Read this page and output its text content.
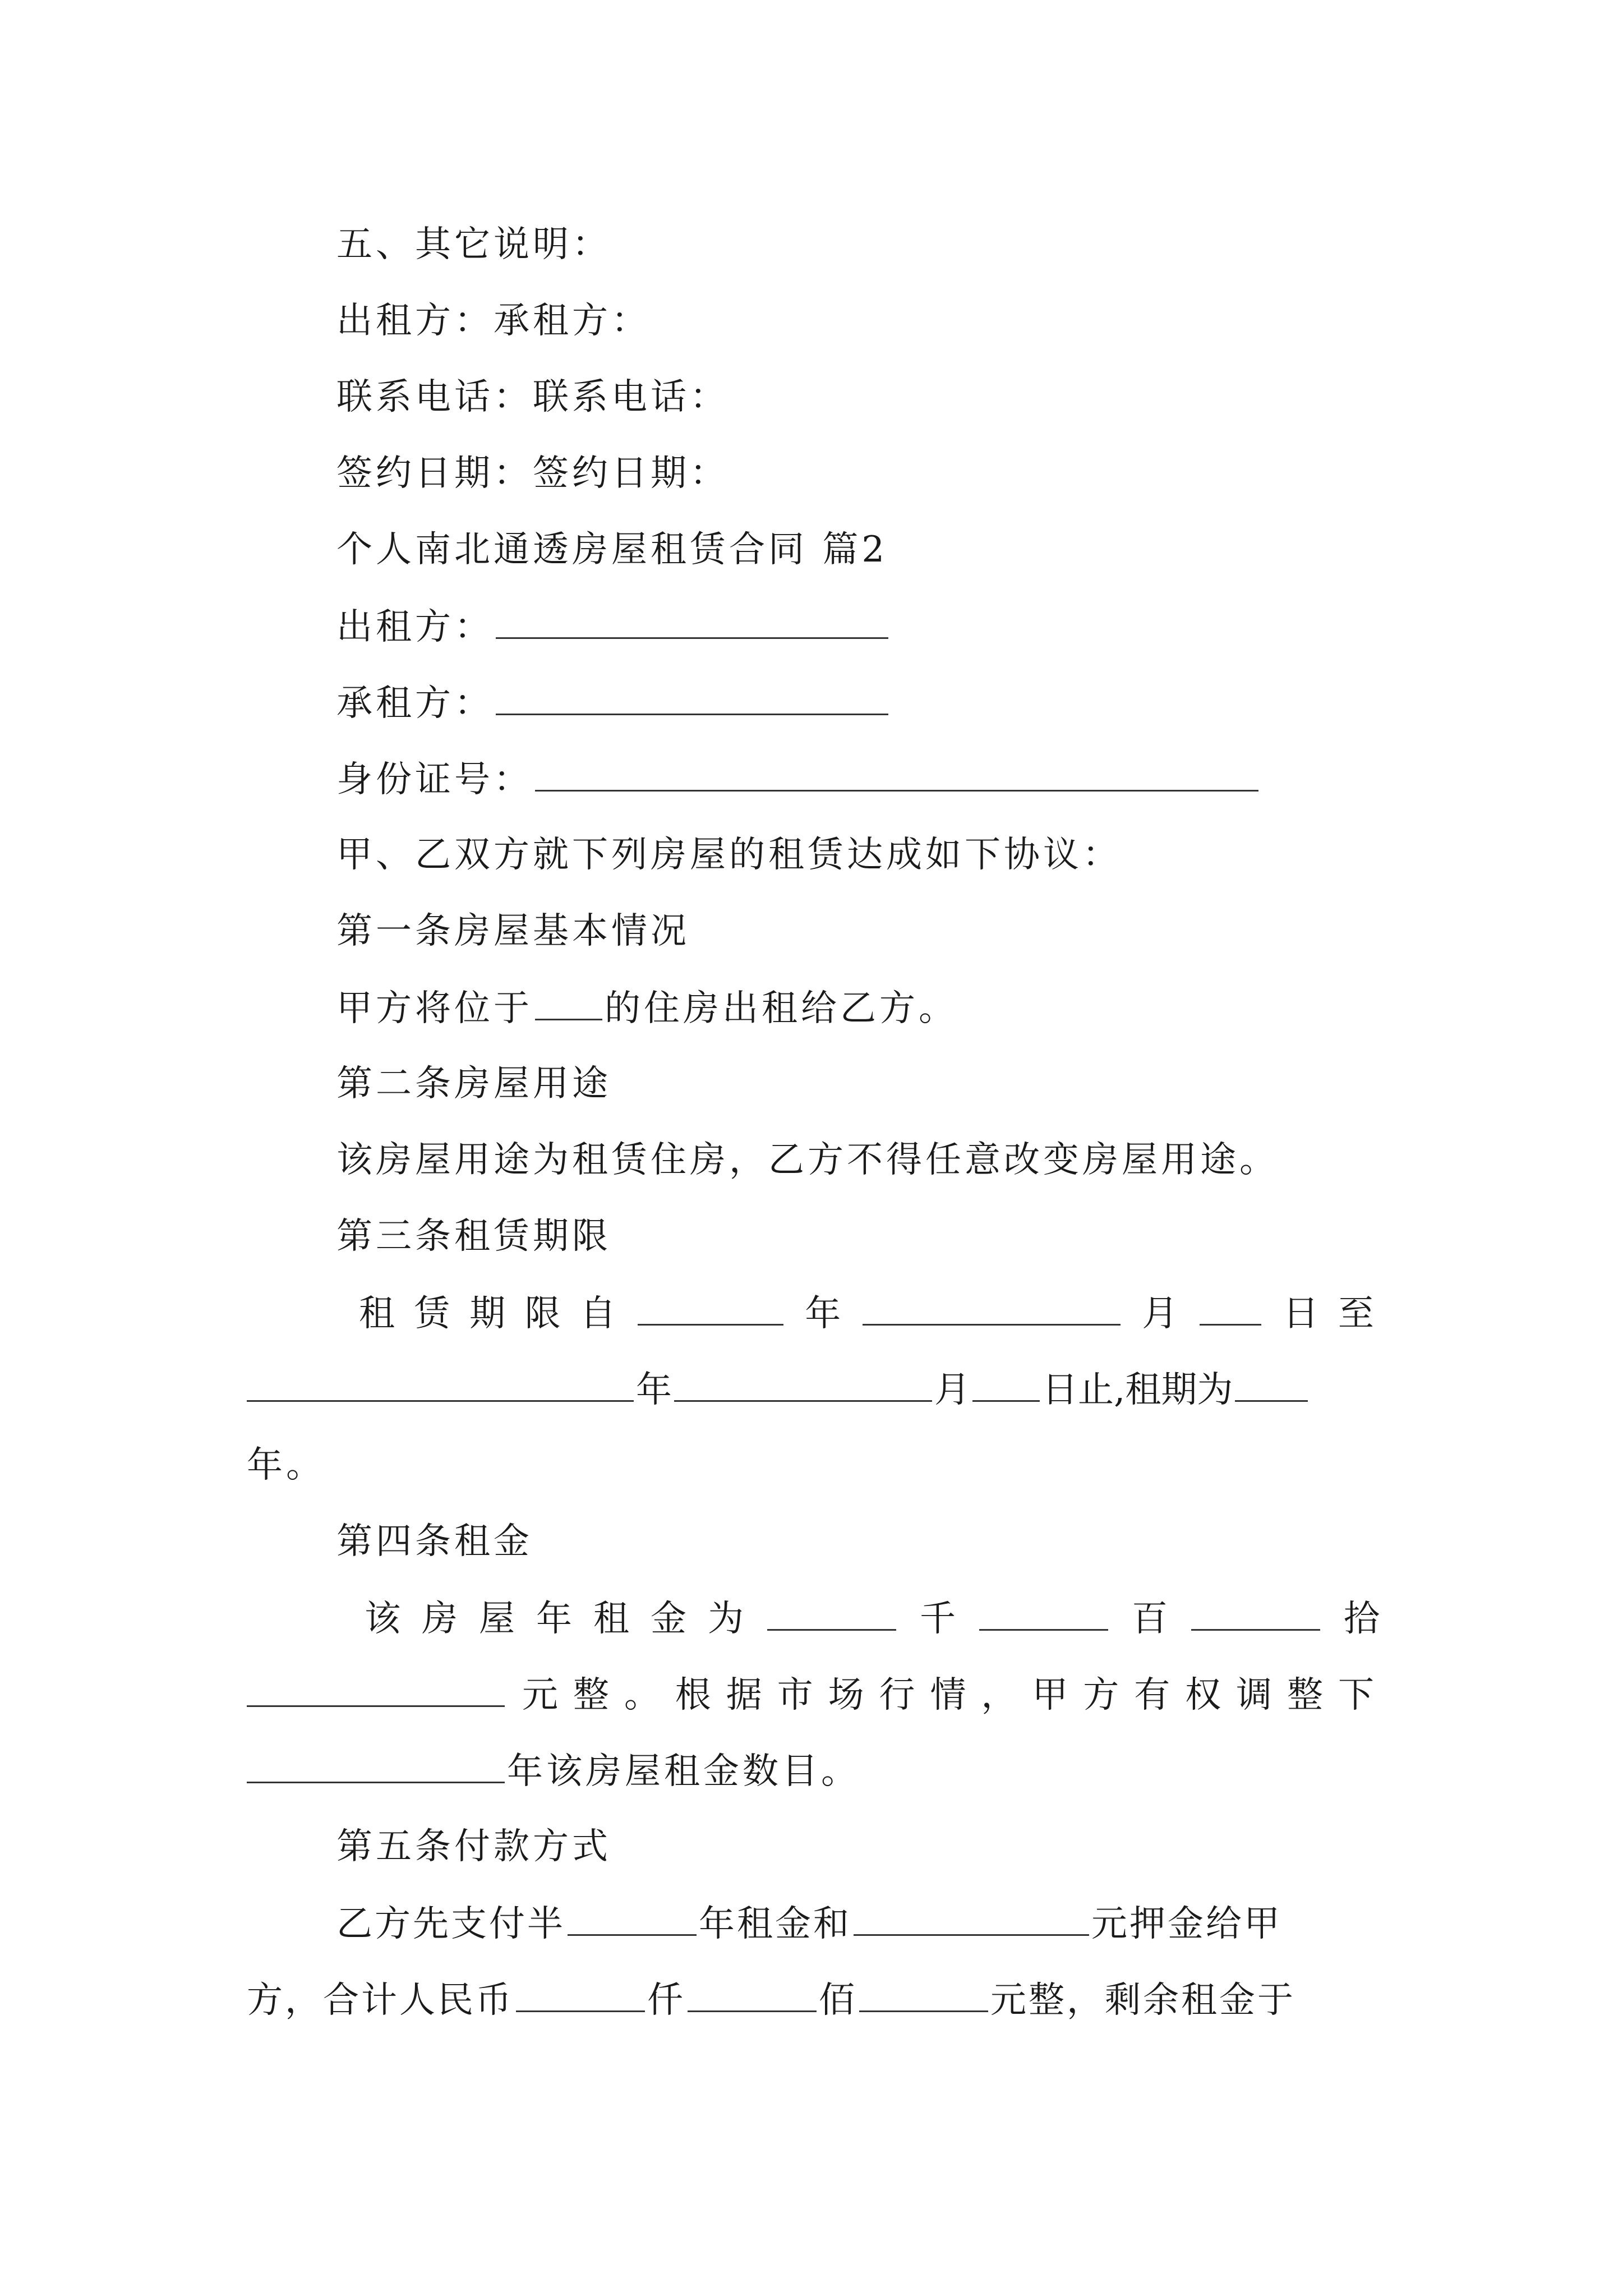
五、其它说明：
出租方：承租方：
联系电话：联系电话：
签约日期：签约日期：
个人南北通透房屋租赁合同 篇2
出租方：
承租方：
身份证号：
甲、乙双方就下列房屋的租赁达成如下协议：
第一条房屋基本情况
甲方将位于 的住房出租给乙方。
第二条房屋用途
该房屋用途为租赁住房，乙方不得任意改变房屋用途。
第三条租赁期限
租 赁 期 限 自	年	月	日 至
年	月 日止,租期为
年。
第四条租金
该 房 屋 年 租 金 为	千	百	拾
元 整 。 根 据 市 场 行 情 ， 甲 方 有 权 调 整 下
年该房屋租金数目。
第五条付款方式
乙方先支付半	年租金和	元押金给甲
方，合计人民币	仟	佰	元整，剩余租金于
